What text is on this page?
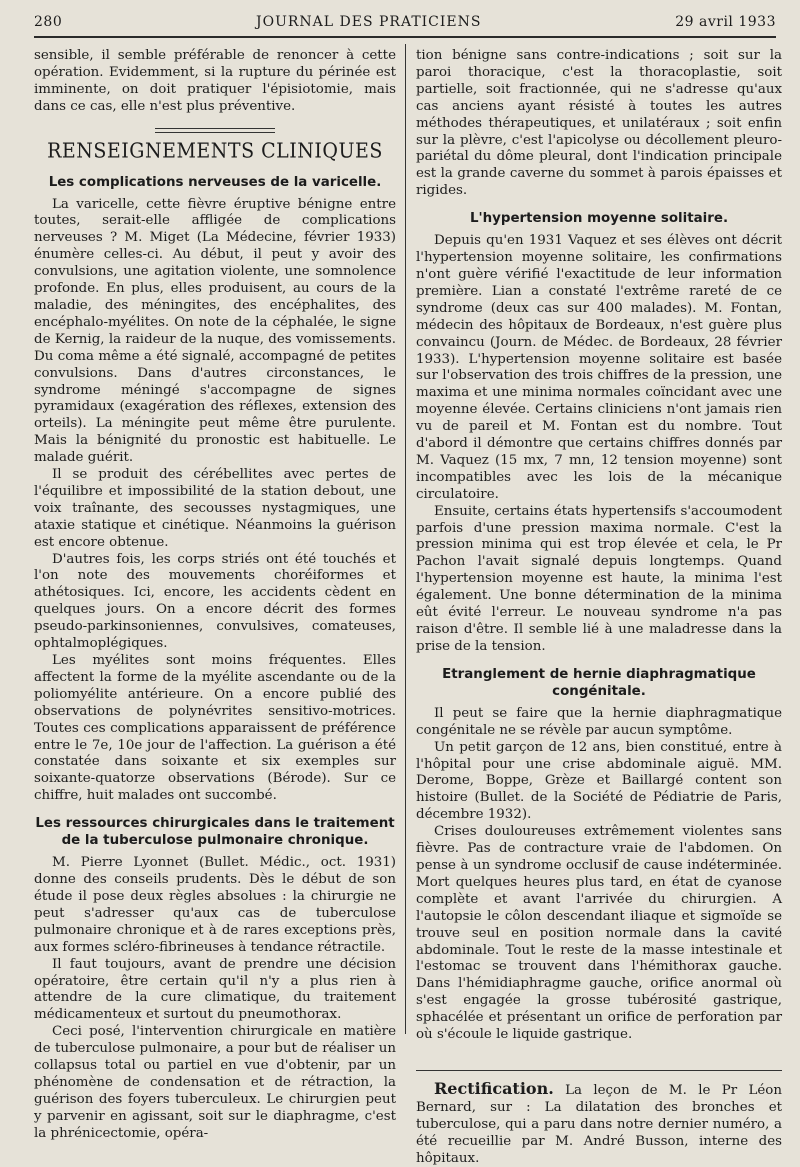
280	JOURNAL DES PRATICIENS	29 avril 1933

sensible, il semble préférable de renoncer à cette opération. Evidemment, si la rupture du périnée est imminente, on doit pratiquer l'épisiotomie, mais dans ce cas, elle n'est plus préventive.

RENSEIGNEMENTS CLINIQUES
Les complications nerveuses de la varicelle.

La varicelle, cette fièvre éruptive bénigne entre toutes, serait-elle affligée de complications nerveuses ? M. Miget (La Médecine, février 1933) énumère celles-ci. Au début, il peut y avoir des convulsions, une agitation violente, une somnolence profonde. En plus, elles produisent, au cours de la maladie, des méningites, des encéphalites, des encéphalo-myélites. On note de la céphalée, le signe de Kernig, la raideur de la nuque, des vomissements. Du coma même a été signalé, accompagné de petites convulsions. Dans d'autres circonstances, le syndrome méningé s'accompagne de signes pyramidaux (exagération des réflexes, extension des orteils). La méningite peut même être purulente. Mais la bénignité du pronostic est habituelle. Le malade guérit.

Il se produit des cérébellites avec pertes de l'équilibre et impossibilité de la station debout, une voix traînante, des secousses nystagmiques, une ataxie statique et cinétique. Néanmoins la guérison est encore obtenue.

D'autres fois, les corps striés ont été touchés et l'on note des mouvements choréiformes et athétosiques. Ici, encore, les accidents cèdent en quelques jours. On a encore décrit des formes pseudo-parkinsoniennes, convulsives, comateuses, ophtalmoplégiques.

Les myélites sont moins fréquentes. Elles affectent la forme de la myélite ascendante ou de la poliomyélite antérieure. On a encore publié des observations de polynévrites sensitivo-motrices. Toutes ces complications apparaissent de préférence entre le 7e, 10e jour de l'affection. La guérison a été constatée dans soixante et six exemples sur soixante-quatorze observations (Bérode). Sur ce chiffre, huit malades ont succombé.

Les ressources chirurgicales dans le traitement de la tuberculose pulmonaire chronique.

M. Pierre Lyonnet (Bullet. Médic., oct. 1931) donne des conseils prudents. Dès le début de son étude il pose deux règles absolues : la chirurgie ne peut s'adresser qu'aux cas de tuberculose pulmonaire chronique et à de rares exceptions près, aux formes scléro-fibrineuses à tendance rétractile.

Il faut toujours, avant de prendre une décision opératoire, être certain qu'il n'y a plus rien à attendre de la cure climatique, du traitement médicamenteux et surtout du pneumothorax.

Ceci posé, l'intervention chirurgicale en matière de tuberculose pulmonaire, a pour but de réaliser un collapsus total ou partiel en vue d'obtenir, par un phénomène de condensation et de rétraction, la guérison des foyers tuberculeux. Le chirurgien peut y parvenir en agissant, soit sur le diaphragme, c'est la phrénicectomie, opéra-

tion bénigne sans contre-indications ; soit sur la paroi thoracique, c'est la thoracoplastie, soit partielle, soit fractionnée, qui ne s'adresse qu'aux cas anciens ayant résisté à toutes les autres méthodes thérapeutiques, et unilatéraux ; soit enfin sur la plèvre, c'est l'apicolyse ou décollement pleuro-pariétal du dôme pleural, dont l'indication principale est la grande caverne du sommet à parois épaisses et rigides.

L'hypertension moyenne solitaire.

Depuis qu'en 1931 Vaquez et ses élèves ont décrit l'hypertension moyenne solitaire, les confirmations n'ont guère vérifié l'exactitude de leur information première. Lian a constaté l'extrême rareté de ce syndrome (deux cas sur 400 malades). M. Fontan, médecin des hôpitaux de Bordeaux, n'est guère plus convaincu (Journ. de Médec. de Bordeaux, 28 février 1933). L'hypertension moyenne solitaire est basée sur l'observation des trois chiffres de la pression, une maxima et une minima normales coïncidant avec une moyenne élevée. Certains cliniciens n'ont jamais rien vu de pareil et M. Fontan est du nombre. Tout d'abord il démontre que certains chiffres donnés par M. Vaquez (15 mx, 7 mn, 12 tension moyenne) sont incompatibles avec les lois de la mécanique circulatoire.

Ensuite, certains états hypertensifs s'accoumodent parfois d'une pression maxima normale. C'est la pression minima qui est trop élevée et cela, le Pr Pachon l'avait signalé depuis longtemps. Quand l'hypertension moyenne est haute, la minima l'est également. Une bonne détermination de la minima eût évité l'erreur. Le nouveau syndrome n'a pas raison d'être. Il semble lié à une maladresse dans la prise de la tension.

Etranglement de hernie diaphragmatique congénitale.

Il peut se faire que la hernie diaphragmatique congénitale ne se révèle par aucun symptôme.

Un petit garçon de 12 ans, bien constitué, entre à l'hôpital pour une crise abdominale aiguë. MM. Derome, Boppe, Grèze et Baillargé content son histoire (Bullet. de la Société de Pédiatrie de Paris, décembre 1932).

Crises douloureuses extrêmement violentes sans fièvre. Pas de contracture vraie de l'abdomen. On pense à un syndrome occlusif de cause indéterminée. Mort quelques heures plus tard, en état de cyanose complète et avant l'arrivée du chirurgien. A l'autopsie le côlon descendant iliaque et sigmoïde se trouve seul en position normale dans la cavité abdominale. Tout le reste de la masse intestinale et l'estomac se trouvent dans l'hémithorax gauche. Dans l'hémidiaphragme gauche, orifice anormal où s'est engagée la grosse tubérosité gastrique, sphacélée et présentant un orifice de perforation par où s'écoule le liquide gastrique.

Rectification. La leçon de M. le Pr Léon Bernard, sur : La dilatation des bronches et tuberculose, qui a paru dans notre dernier numéro, a été recueillie par M. André Busson, interne des hôpitaux.
